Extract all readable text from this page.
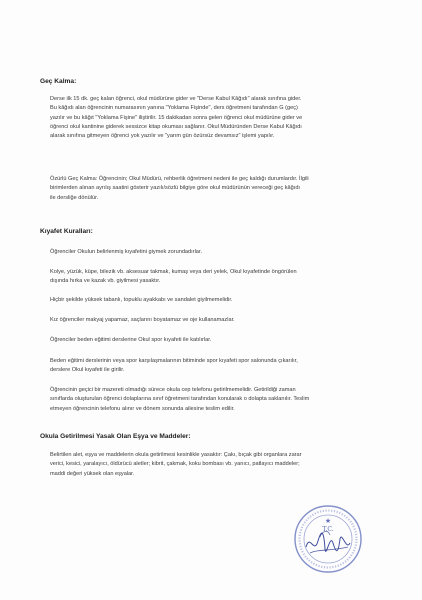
Geç Kalma:
Derse ilk 15 dk. geç kalan öğrenci, okul müdürüne gider ve "Derse Kabul Kâğıdı" alarak sınıfına gider.
Bu kâğıdı alan öğrencinin numarasının yanına "Yoklama Fişinde", ders öğretmeni tarafından G (geç)
yazılır ve bu kâğıt "Yoklama Fişine" iliştirilir. 15 dakikadan sonra gelen öğrenci okul müdürüne gider ve
öğrenci okul kantinine giderek sessizce kitap okuması sağlanır. Okul Müdüründen Derse Kabul Kâğıdı
alarak sınıfına gitmeyen öğrenci yok yazılır ve "yarım gün özürsüz devamsız" işlemi yapılır.
Özürlü Geç Kalma: Öğrencinin; Okul Müdürü, rehberlik öğretmeni nedeni ile geç kaldığı durumlardır. İlgili
birimlerden alınan ayrılış saatini gösterir yazılı/sözlü bilgiye göre okul müdürünün vereceği geç kâğıdı
ile dersliğe dönülür.
Kıyafet Kuralları:
Öğrenciler Okulun belirlenmiş kıyafetini giymek zorundadırlar.
Kolye, yüzük, küpe, bilezik vb. aksesuar takmak, kumaş veya deri yelek, Okul kıyafetinde öngörülen
dışında hırka ve kazak vb. giyilmesi yasaktır.
Hiçbir şekilde yüksek tabanlı, topuklu ayakkabı ve sandalet giyilmemelidir.
Kız öğrenciler makyaj yapamaz, saçlarını boyatamaz ve oje kullanamazlar.
Öğrenciler beden eğitimi derslerine Okul spor kıyafeti ile katılırlar.
Beden eğitimi derslerinin veya spor karşılaşmalarının bitiminde spor kıyafeti spor salonunda çıkarılır,
derslere Okul kıyafeti ile girilir.
Öğrencinin geçici bir mazereti olmadığı sürece okula cep telefonu getirilmemelidir. Getirildiği zaman
sınıflarda oluşturulan öğrenci dolaplarına sınıf öğretmeni tarafından konularak o dolapta saklanılır. Teslim
etmeyen öğrencinin telefonu alınır ve dönem sonunda ailesine teslim edilir.
Okula Getirilmesi Yasak Olan Eşya ve Maddeler:
Belirtilen alet, eşya ve maddelerin okula getirilmesi kesinlikle yasaktır: Çakı, bıçak gibi organlara zarar
verici, kesici, yaralayıcı, öldürücü aletler; kibrit, çakmak, koku bombası vb. yanıcı, patlayıcı maddeler;
maddi değeri yüksek olan eşyalar.
★
T.C.
